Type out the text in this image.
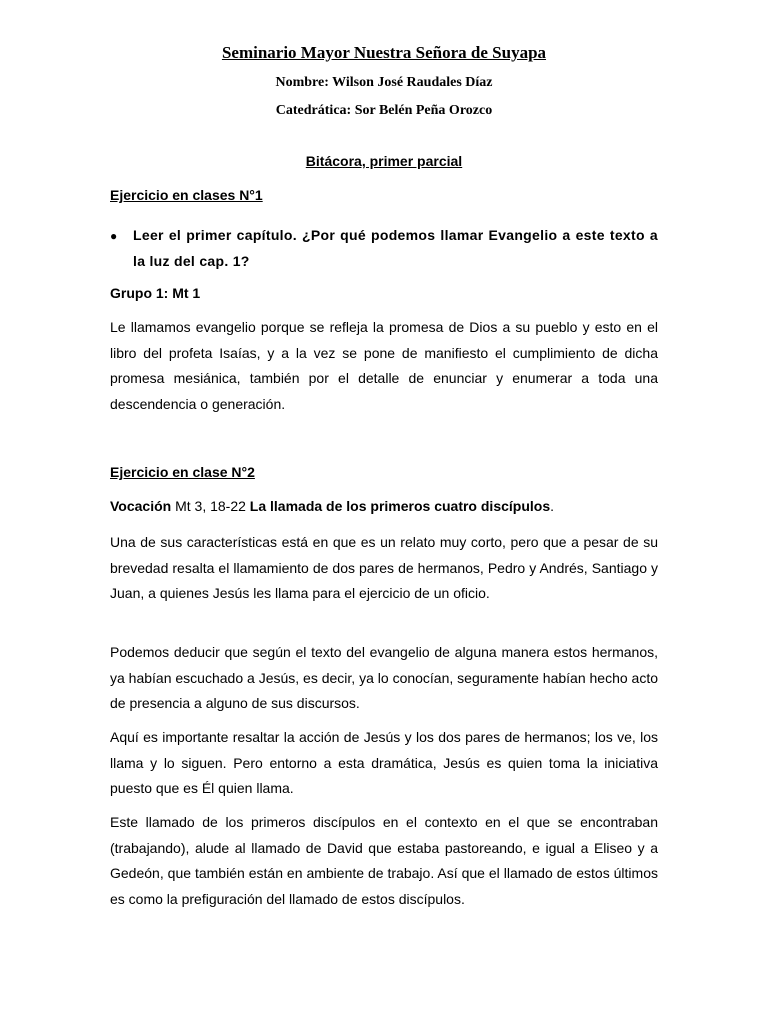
Seminario Mayor Nuestra Señora de Suyapa
Nombre: Wilson José Raudales Díaz
Catedrática: Sor Belén Peña Orozco
Bitácora, primer parcial
Ejercicio en clases N°1
● Leer el primer capítulo. ¿Por qué podemos llamar Evangelio a este texto a la luz del cap. 1?
Grupo 1: Mt 1
Le llamamos evangelio porque se refleja la promesa de Dios a su pueblo y esto en el libro del profeta Isaías, y a la vez se pone de manifiesto el cumplimiento de dicha promesa mesiánica, también por el detalle de enunciar y enumerar a toda una descendencia o generación.
Ejercicio en clase N°2
Vocación Mt 3, 18-22 La llamada de los primeros cuatro discípulos.
Una de sus características está en que es un relato muy corto, pero que a pesar de su brevedad resalta el llamamiento de dos pares de hermanos, Pedro y Andrés, Santiago y Juan, a quienes Jesús les llama para el ejercicio de un oficio.
Podemos deducir que según el texto del evangelio de alguna manera estos hermanos, ya habían escuchado a Jesús, es decir, ya lo conocían, seguramente habían hecho acto de presencia a alguno de sus discursos.
Aquí es importante resaltar la acción de Jesús y los dos pares de hermanos; los ve, los llama y lo siguen. Pero entorno a esta dramática, Jesús es quien toma la iniciativa puesto que es Él quien llama.
Este llamado de los primeros discípulos en el contexto en el que se encontraban (trabajando), alude al llamado de David que estaba pastoreando, e igual a Eliseo y a Gedeón, que también están en ambiente de trabajo. Así que el llamado de estos últimos es como la prefiguración del llamado de estos discípulos.
